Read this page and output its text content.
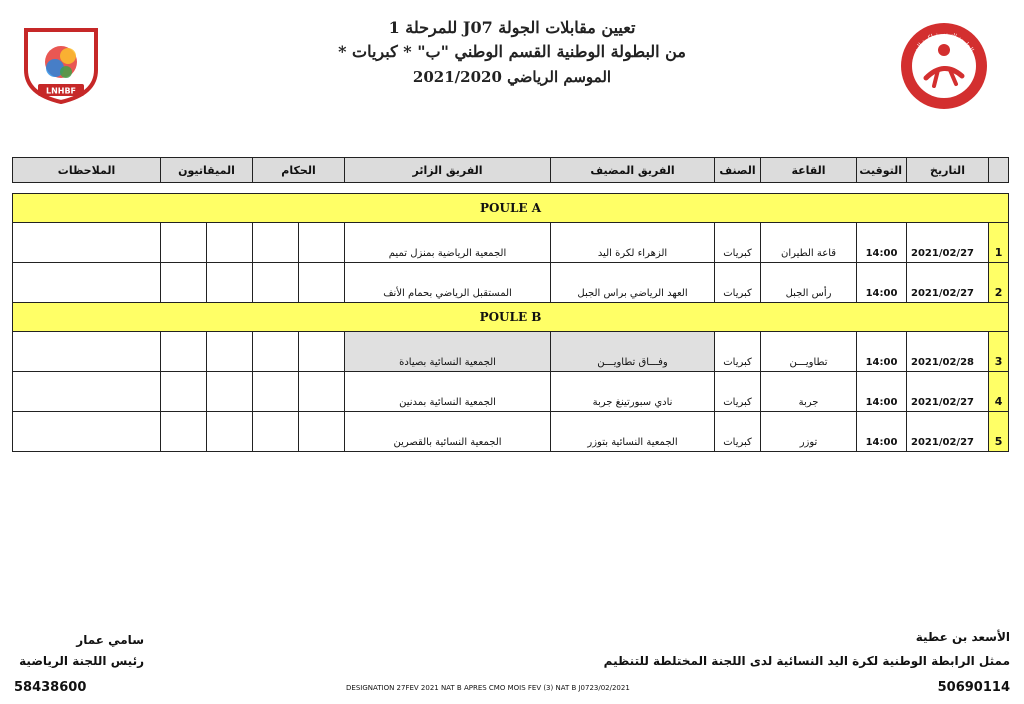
تعيين مقابلات الجولة J07 للمرحلة 1
من البطولة الوطنية القسم الوطني "ب" * كبريات *
الموسم الرياضي 2021/2020
LNHBF
الجامعة التونسية لكرة اليد
	التاريخ	التوقيت	القاعة	الصنف	الفريق المضيف	الفريق الزائر	الحكام		الميقاتيون		الملاحظات

POULE A											
1	2021/02/27	14:00	قاعة الطيران	كبريات	الزهراء لكرة اليد	الجمعية الرياضية بمنزل تميم					
2	2021/02/27	14:00	رأس الجبل	كبريات	العهد الرياضي براس الجبل	المستقبل الرياضي بحمام الأنف					
POULE B											
3	2021/02/28	14:00	تطاويـــن	كبريات	وفـــاق تطاويـــن	الجمعية النسائية بصيادة					
4	2021/02/27	14:00	جربة	كبريات	نادي سبورتينغ جربة	الجمعية النسائية بمدنين					
5	2021/02/27	14:00	توزر	كبريات	الجمعية النسائية بتوزر	الجمعية النسائية بالقصرين					
الأسعد بن عطية
ممثل الرابطة الوطنية لكرة اليد النسائية لدى اللجنة المختلطة للتنظيم
50690114
سامي عمار
رئيس اللجنة الرياضية
58438600	DESIGNATION 27FEV 2021 NAT B APRES CMO MOIS FEV (3) NAT B J0723/02/2021
